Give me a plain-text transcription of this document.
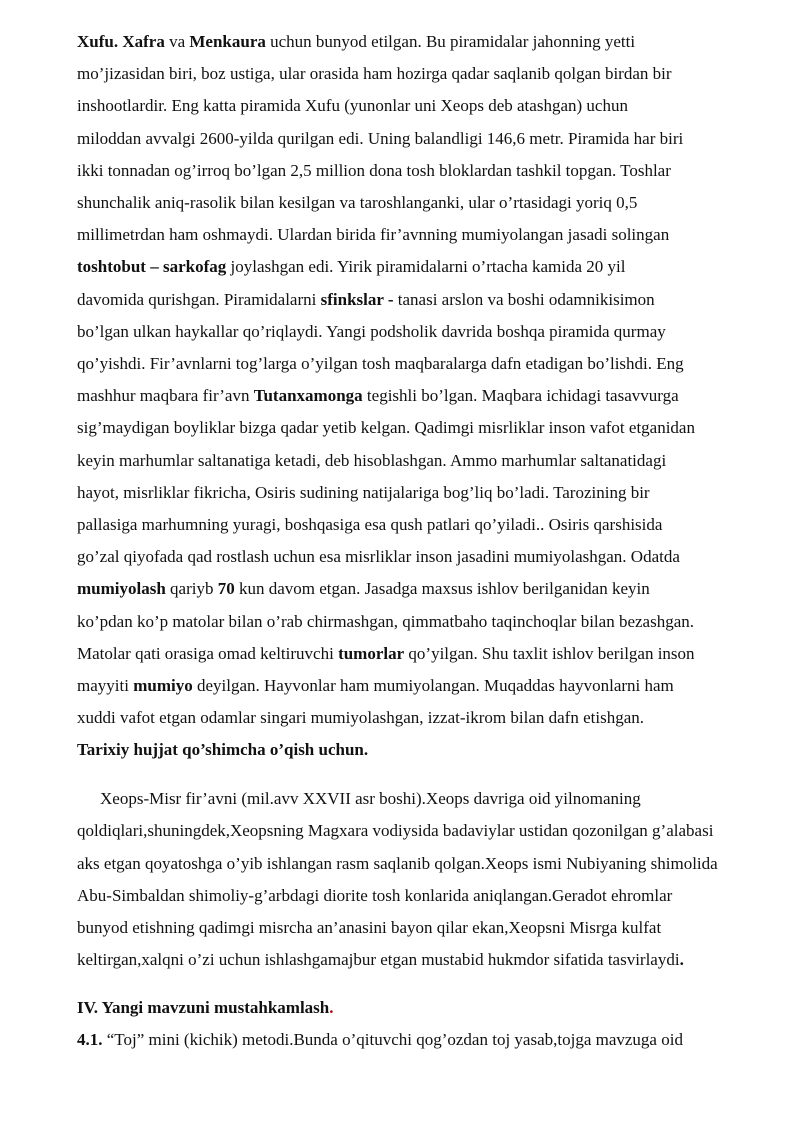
Xufu. Xafra va Menkaura uchun bunyod etilgan. Bu piramidalar jahonning yetti
mo’jizasidan biri, boz ustiga, ular orasida ham hozirga qadar saqlanib qolgan birdan bir
inshootlardir. Eng katta piramida Xufu (yunonlar uni Xeops deb atashgan) uchun
miloddan avvalgi 2600-yilda qurilgan edi. Uning balandligi 146,6 metr. Piramida har biri
ikki tonnadan og’irroq bo’lgan 2,5 million dona tosh bloklardan tashkil topgan. Toshlar
shunchalik aniq-rasolik bilan kesilgan va taroshlanganki, ular o’rtasidagi yoriq 0,5
millimetrdan ham oshmaydi. Ulardan birida fir’avnning mumiyolangan jasadi solingan
toshtobut – sarkofag joylashgan edi. Yirik piramidalarni o’rtacha kamida 20 yil
davomida qurishgan. Piramidalarni sfinkslar - tanasi arslon va boshi odamnikisimon
bo’lgan ulkan haykallar qo’riqlaydi. Yangi podsholik davrida boshqa piramida qurmay
qo’yishdi. Fir’avnlarni tog’larga o’yilgan tosh maqbaralarga dafn etadigan bo’lishdi. Eng
mashhur maqbara fir’avn Tutanxamonga tegishli bo’lgan. Maqbara ichidagi tasavvurga
sig’maydigan boyliklar bizga qadar yetib kelgan. Qadimgi misrliklar inson vafot etganidan
keyin marhumlar saltanatiga ketadi, deb hisoblashgan. Ammo marhumlar saltanatidagi
hayot, misrliklar fikricha, Osiris sudining natijalariga bog’liq bo’ladi. Tarozining bir
pallasiga marhumning yuragi, boshqasiga esa qush patlari qo’yiladi.. Osiris qarshisida
go’zal qiyofada qad rostlash uchun esa misrliklar inson jasadini mumiyolashgan. Odatda
mumiyolash qariyb 70 kun davom etgan. Jasadga maxsus ishlov berilganidan keyin
ko’pdan ko’p matolar bilan o’rab chirmashgan, qimmatbaho taqinchoqlar bilan bezashgan.
Matolar qati orasiga omad keltiruvchi tumorlar qo’yilgan. Shu taxlit ishlov berilgan inson
mayyiti mumiyo deyilgan. Hayvonlar ham mumiyolangan. Muqaddas hayvonlarni ham
xuddi vafot etgan odamlar singari mumiyolashgan, izzat-ikrom bilan dafn etishgan.
Tarixiy hujjat qo’shimcha o’qish uchun.
Xeops-Misr fir’avni (mil.avv XXVII asr boshi).Xeops davriga oid yilnomaning
qoldiqlari,shuningdek,Xeopsning Magxara vodiysida badaviylar ustidan qozonilgan g’alabasi
aks etgan qoyatoshga o’yib ishlangan rasm saqlanib qolgan.Xeops ismi Nubiyaning shimolida
Abu-Simbaldan shimoliy-g’arbdagi diorite tosh konlarida aniqlangan.Geradot ehromlar
bunyod etishning qadimgi misrcha an’anasini bayon qilar ekan,Xeopsni Misrga kulfat
keltirgan,xalqni o’zi uchun ishlashgamajbur etgan mustabid hukmdor sifatida tasvirlaydi.
IV. Yangi mavzuni mustahkamlash.
4.1. “Toj” mini (kichik) metodi.Bunda o’qituvchi qog’ozdan toj yasab,tojga mavzuga oid
